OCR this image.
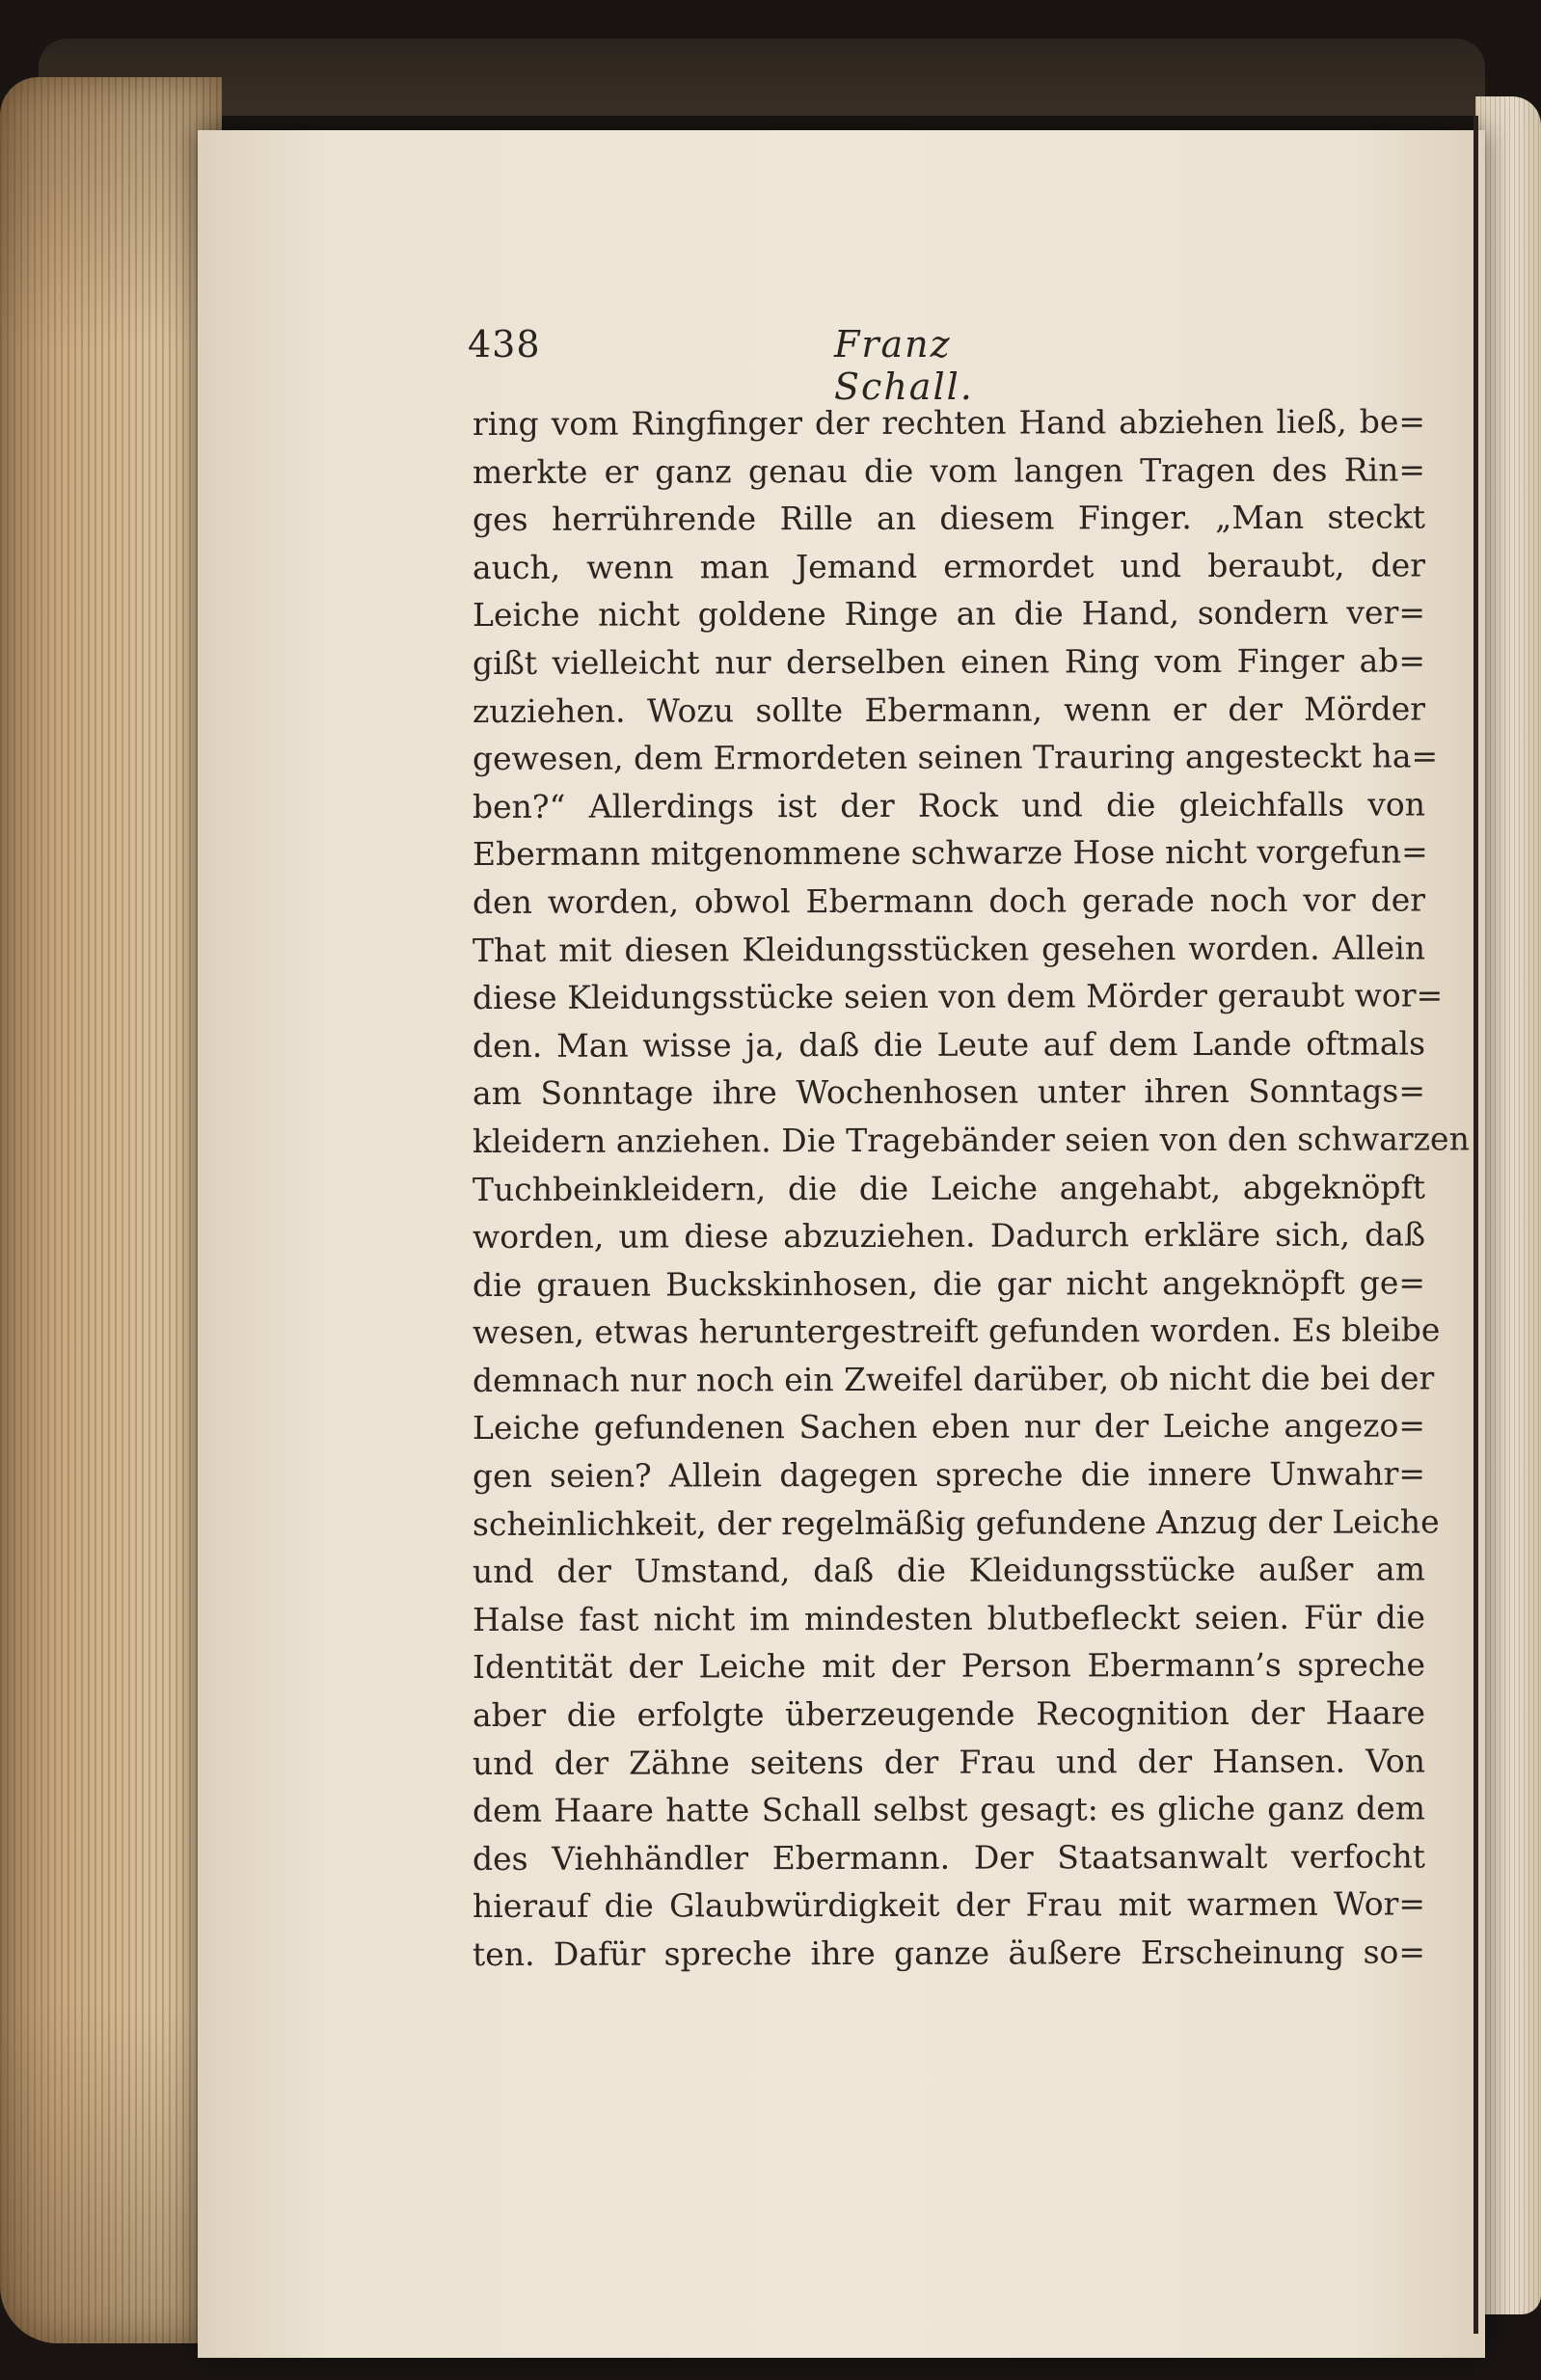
438	Franz Schall.
ring vom Ringfinger der rechten Hand abziehen ließ, be=
merkte er ganz genau die vom langen Tragen des Rin=
ges herrührende Rille an diesem Finger. „Man steckt
auch, wenn man Jemand ermordet und beraubt, der
Leiche nicht goldene Ringe an die Hand, sondern ver=
gißt vielleicht nur derselben einen Ring vom Finger ab=
zuziehen. Wozu sollte Ebermann, wenn er der Mörder
gewesen, dem Ermordeten seinen Trauring angesteckt ha=
ben?“ Allerdings ist der Rock und die gleichfalls von
Ebermann mitgenommene schwarze Hose nicht vorgefun=
den worden, obwol Ebermann doch gerade noch vor der
That mit diesen Kleidungsstücken gesehen worden. Allein
diese Kleidungsstücke seien von dem Mörder geraubt wor=
den. Man wisse ja, daß die Leute auf dem Lande oftmals
am Sonntage ihre Wochenhosen unter ihren Sonntags=
kleidern anziehen. Die Tragebänder seien von den schwarzen
Tuchbeinkleidern, die die Leiche angehabt, abgeknöpft
worden, um diese abzuziehen. Dadurch erkläre sich, daß
die grauen Buckskinhosen, die gar nicht angeknöpft ge=
wesen, etwas heruntergestreift gefunden worden. Es bleibe
demnach nur noch ein Zweifel darüber, ob nicht die bei der
Leiche gefundenen Sachen eben nur der Leiche angezo=
gen seien? Allein dagegen spreche die innere Unwahr=
scheinlichkeit, der regelmäßig gefundene Anzug der Leiche
und der Umstand, daß die Kleidungsstücke außer am
Halse fast nicht im mindesten blutbefleckt seien. Für die
Identität der Leiche mit der Person Ebermann’s spreche
aber die erfolgte überzeugende Recognition der Haare
und der Zähne seitens der Frau und der Hansen. Von
dem Haare hatte Schall selbst gesagt: es gliche ganz dem
des Viehhändler Ebermann. Der Staatsanwalt verfocht
hierauf die Glaubwürdigkeit der Frau mit warmen Wor=
ten. Dafür spreche ihre ganze äußere Erscheinung so=
